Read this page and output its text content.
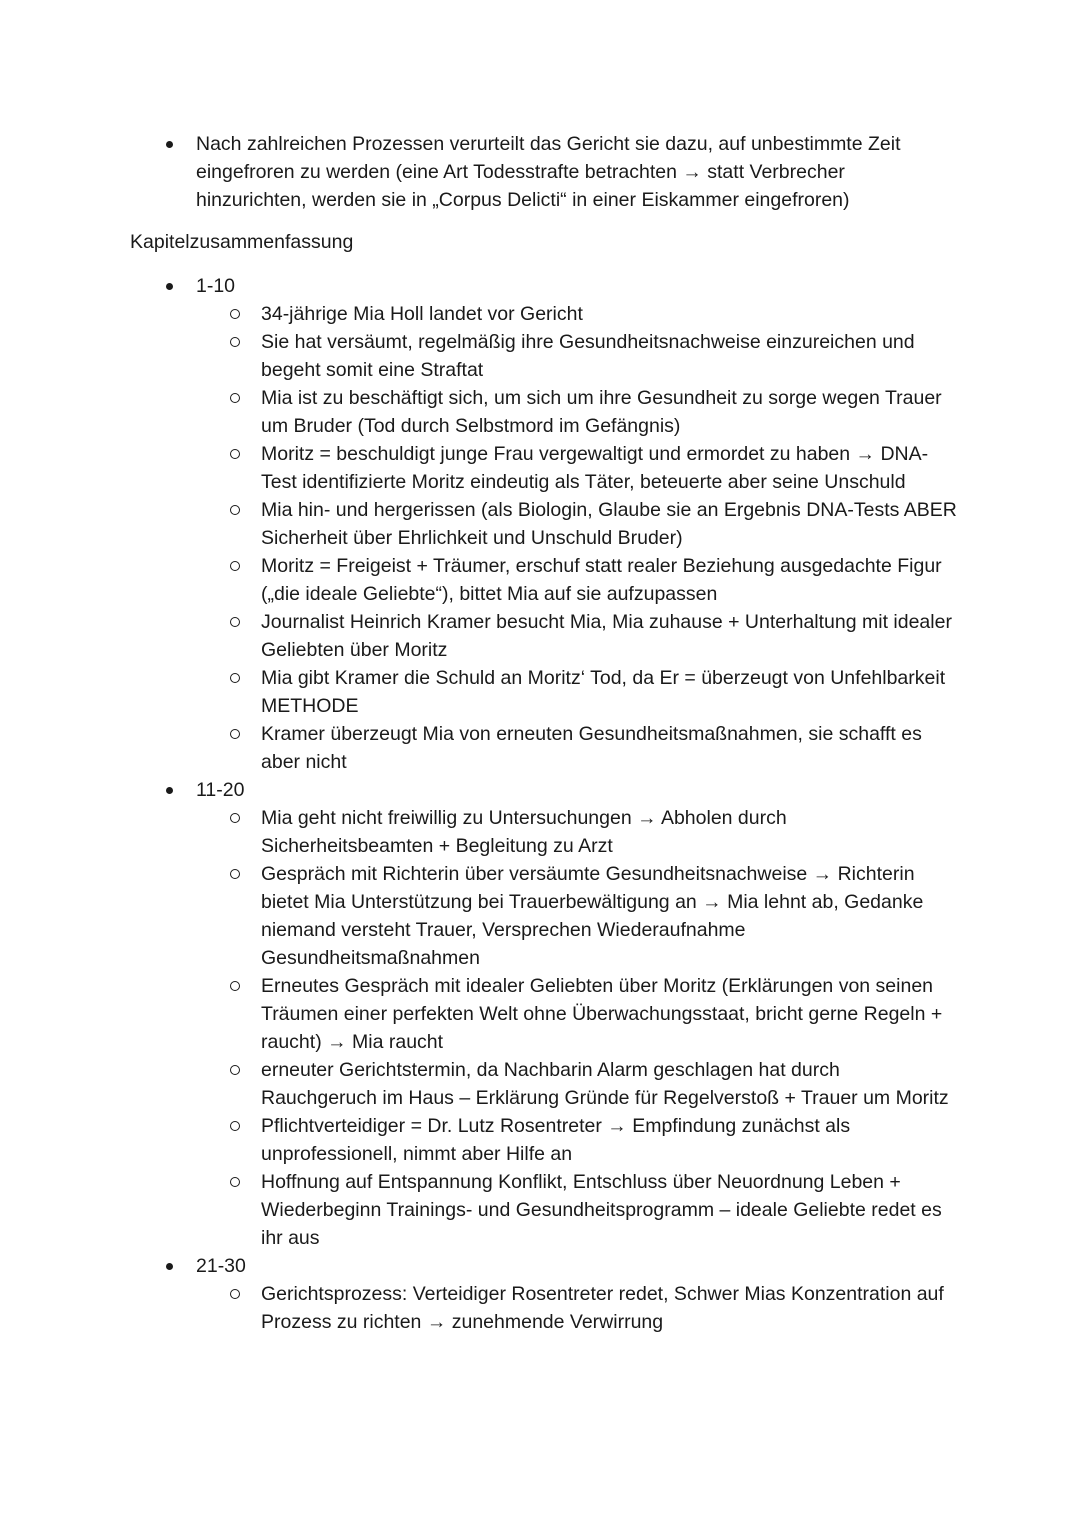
Nach zahlreichen Prozessen verurteilt das Gericht sie dazu, auf unbestimmte Zeit eingefroren zu werden (eine Art Todesstrafte betrachten → statt Verbrecher hinzurichten, werden sie in „Corpus Delicti“ in einer Eiskammer eingefroren)
Kapitelzusammenfassung
1-10
34-jährige Mia Holl landet vor Gericht
Sie hat versäumt, regelmäßig ihre Gesundheitsnachweise einzureichen und begeht somit eine Straftat
Mia ist zu beschäftigt sich, um sich um ihre Gesundheit zu sorge wegen Trauer um Bruder (Tod durch Selbstmord im Gefängnis)
Moritz = beschuldigt junge Frau vergewaltigt und ermordet zu haben → DNA-Test identifizierte Moritz eindeutig als Täter, beteuerte aber seine Unschuld
Mia hin- und hergerissen (als Biologin, Glaube sie an Ergebnis DNA-Tests ABER Sicherheit über Ehrlichkeit und Unschuld Bruder)
Moritz = Freigeist + Träumer, erschuf statt realer Beziehung ausgedachte Figur („die ideale Geliebte“), bittet Mia auf sie aufzupassen
Journalist Heinrich Kramer besucht Mia, Mia zuhause + Unterhaltung mit idealer Geliebten über Moritz
Mia gibt Kramer die Schuld an Moritz‘ Tod, da Er = überzeugt von Unfehlbarkeit METHODE
Kramer überzeugt Mia von erneuten Gesundheitsmaßnahmen, sie schafft es aber nicht
11-20
Mia geht nicht freiwillig zu Untersuchungen → Abholen durch Sicherheitsbeamten + Begleitung zu Arzt
Gespräch mit Richterin über versäumte Gesundheitsnachweise → Richterin bietet Mia Unterstützung bei Trauerbewältigung an → Mia lehnt ab, Gedanke niemand versteht Trauer, Versprechen Wiederaufnahme Gesundheitsmaßnahmen
Erneutes Gespräch mit idealer Geliebten über Moritz (Erklärungen von seinen Träumen einer perfekten Welt ohne Überwachungsstaat, bricht gerne Regeln + raucht) → Mia raucht
erneuter Gerichtstermin, da Nachbarin Alarm geschlagen hat durch Rauchgeruch im Haus – Erklärung Gründe für Regelverstoß + Trauer um Moritz
Pflichtverteidiger = Dr. Lutz Rosentreter → Empfindung zunächst als unprofessionell, nimmt aber Hilfe an
Hoffnung auf Entspannung Konflikt, Entschluss über Neuordnung Leben + Wiederbeginn Trainings- und Gesundheitsprogramm – ideale Geliebte redet es ihr aus
21-30
Gerichtsprozess: Verteidiger Rosentreter redet, Schwer Mias Konzentration auf Prozess zu richten → zunehmende Verwirrung
